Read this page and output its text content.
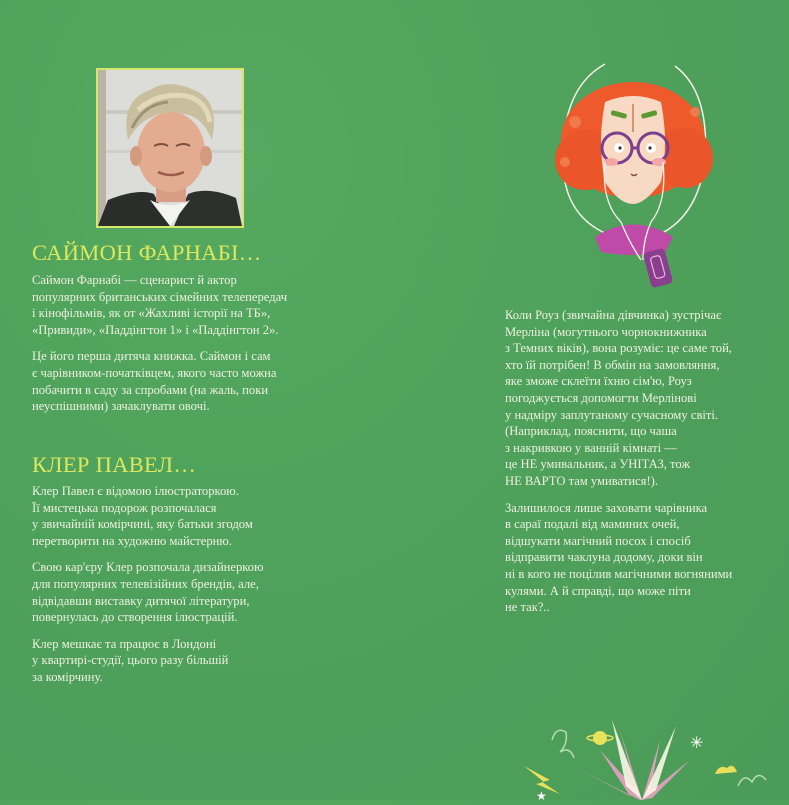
САЙМОН ФАРНАБІ…

Саймон Фарнабі — сценарист й актор
популярних британських сімейних телепередач
і кінофільмів, як от «Жахливі історії на ТБ»,
«Привиди», «Паддінгтон 1» і «Паддінгтон 2».

Це його перша дитяча книжка. Саймон і сам
є чарівником-початківцем, якого часто можна
побачити в саду за спробами (на жаль, поки
неуспішними) зачаклувати овочі.

КЛЕР ПАВЕЛ…

Клер Павел є відомою ілюстраторкою.
Її мистецька подорож розпочалася
у звичайній комірчині, яку батьки згодом
перетворити на художню майстерню.

Свою кар'єру Клер розпочала дизайнеркою
для популярних телевізійних брендів, але,
відвідавши виставку дитячої літератури,
повернулась до створення ілюстрацій.

Клер мешкає та працює в Лондоні
у квартирі-студії, цього разу більшій
за комірчину.

Коли Роуз (звичайна дівчинка) зустрічає
Мерліна (могутнього чорнокнижника
з Темних віків), вона розуміє: це саме той,
хто їй потрібен! В обмін на замовляння,
яке зможе склеїти їхню сім'ю, Роуз
погоджується допомогти Мерлінові
у надміру заплутаному сучасному світі.
(Наприклад, пояснити, що чаша
з накривкою у ванній кімнаті —
це НЕ умивальник, а УНІТАЗ, тож
НЕ ВАРТО там умиватися!).

Залишилося лише заховати чарівника
в сараї подалі від маминих очей,
відшукати магічний посох і спосіб
відправити чаклуна додому, доки він
ні в кого не поцілив магічними вогняними
кулями. А й справді, що може піти
не так?..

✳
★
